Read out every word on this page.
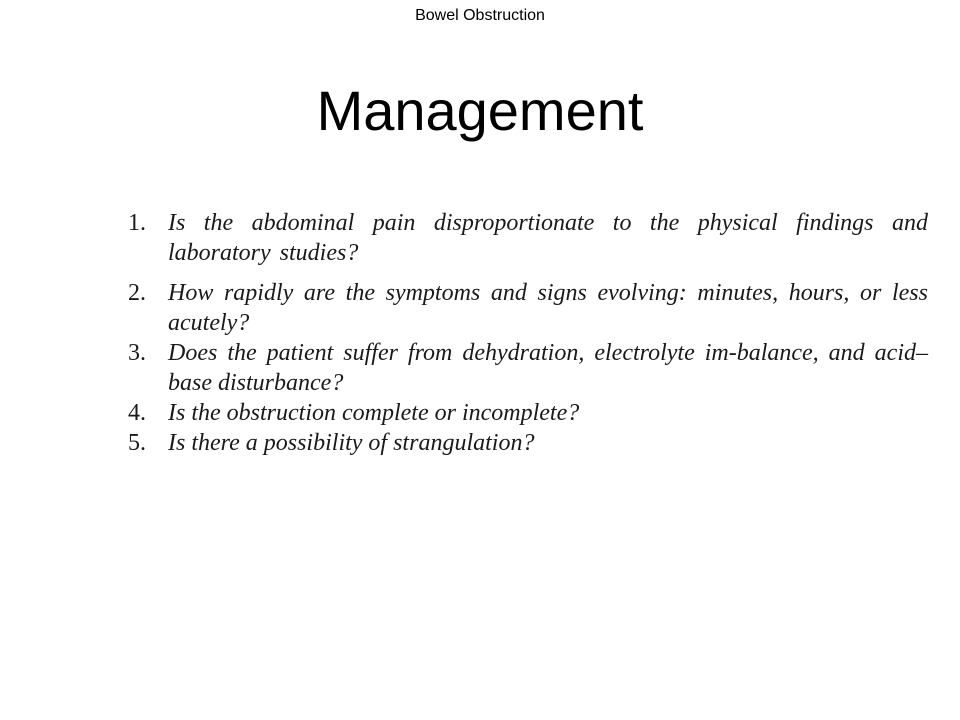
Bowel Obstruction
Management
1. Is the abdominal pain disproportionate to the physical findings and laboratory studies?
2. How rapidly are the symptoms and signs evolving: minutes, hours, or less acutely?
3. Does the patient suffer from dehydration, electrolyte im-balance, and acid–base disturbance?
4. Is the obstruction complete or incomplete?
5. Is there a possibility of strangulation?
